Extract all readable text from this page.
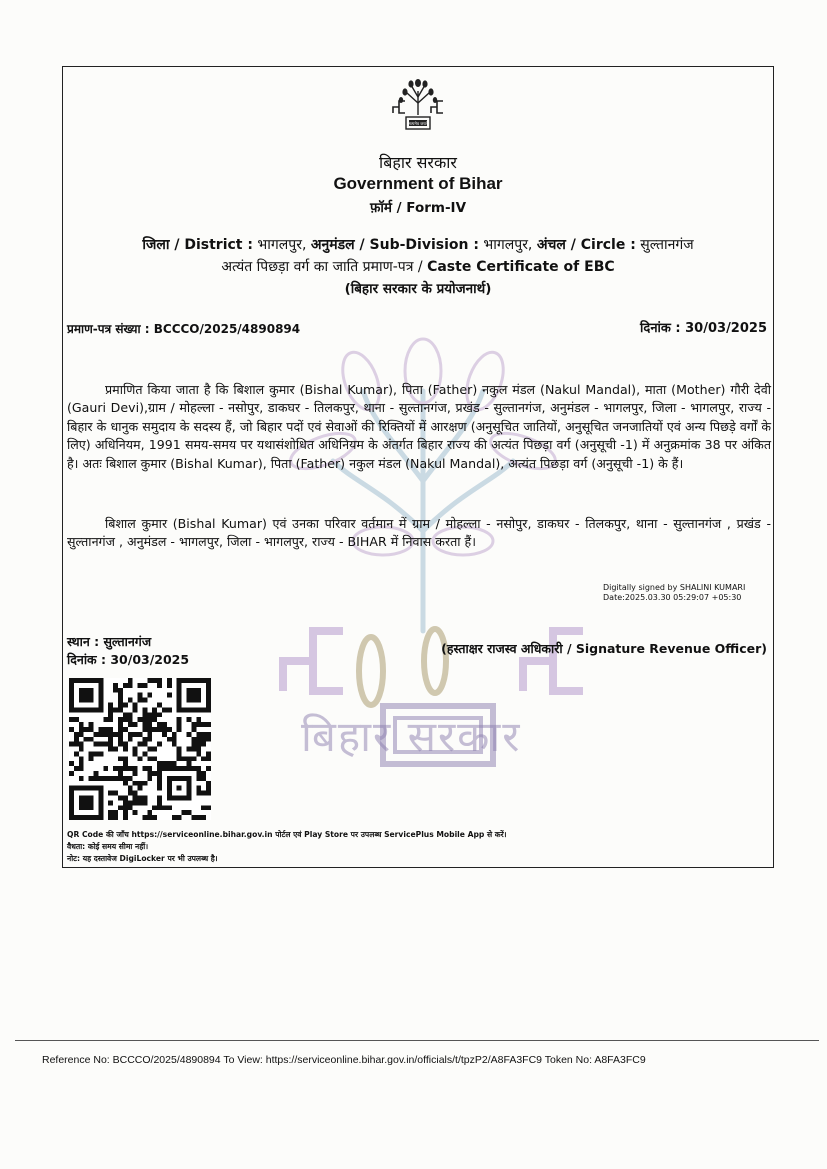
सत्यमेव जयते
बिहार सरकार
बिहार सरकार
Government of Bihar
फ़ॉर्म / Form-IV
जिला / District : भागलपुर, अनुमंडल / Sub-Division : भागलपुर, अंचल / Circle : सुल्तानगंज
अत्यंत पिछड़ा वर्ग का जाति प्रमाण-पत्र / Caste Certificate of EBC
(बिहार सरकार के प्रयोजनार्थ)
प्रमाण-पत्र संख्या : BCCCO/2025/4890894	दिनांक : 30/03/2025
प्रमाणित किया जाता है कि बिशाल कुमार (Bishal Kumar), पिता (Father) नकुल मंडल (Nakul Mandal), माता (Mother) गौरी देवी (Gauri Devi),ग्राम / मोहल्ला - नसोपुर, डाकघर - तिलकपुर, थाना - सुल्तानगंज, प्रखंड - सुल्तानगंज, अनुमंडल - भागलपुर, जिला - भागलपुर, राज्य - बिहार के धानुक समुदाय के सदस्य हैं, जो बिहार पदों एवं सेवाओं की रिक्तियों में आरक्षण (अनुसूचित जातियों, अनुसूचित जनजातियों एवं अन्य पिछड़े वर्गों के लिए) अधिनियम, 1991 समय-समय पर यथासंशोधित अधिनियम के अंतर्गत बिहार राज्य की अत्यंत पिछड़ा वर्ग (अनुसूची -1) में अनुक्रमांक 38 पर अंकित है। अतः बिशाल कुमार (Bishal Kumar), पिता (Father) नकुल मंडल (Nakul Mandal), अत्यंत पिछड़ा वर्ग (अनुसूची -1) के हैं।
बिशाल कुमार (Bishal Kumar) एवं उनका परिवार वर्तमान में ग्राम / मोहल्ला - नसोपुर, डाकघर - तिलकपुर, थाना - सुल्तानगंज , प्रखंड - सुल्तानगंज , अनुमंडल - भागलपुर, जिला - भागलपुर, राज्य - BIHAR में निवास करता हैं।
Digitally signed by SHALINI KUMARI
Date:2025.03.30 05:29:07 +05:30
स्थान : सुल्तानगंज
दिनांक : 30/03/2025
(हस्ताक्षर राजस्व अधिकारी / Signature Revenue Officer)
QR Code की जाँच https://serviceonline.bihar.gov.in पोर्टल एवं Play Store पर उपलब्ध ServicePlus Mobile App से करें।
वैधता: कोई समय सीमा नहीं।
नोट: यह दस्तावेज DigiLocker पर भी उपलब्ध है।
Reference No: BCCCO/2025/4890894 To View: https://serviceonline.bihar.gov.in/officials/t/tpzP2/A8FA3FC9 Token No: A8FA3FC9
